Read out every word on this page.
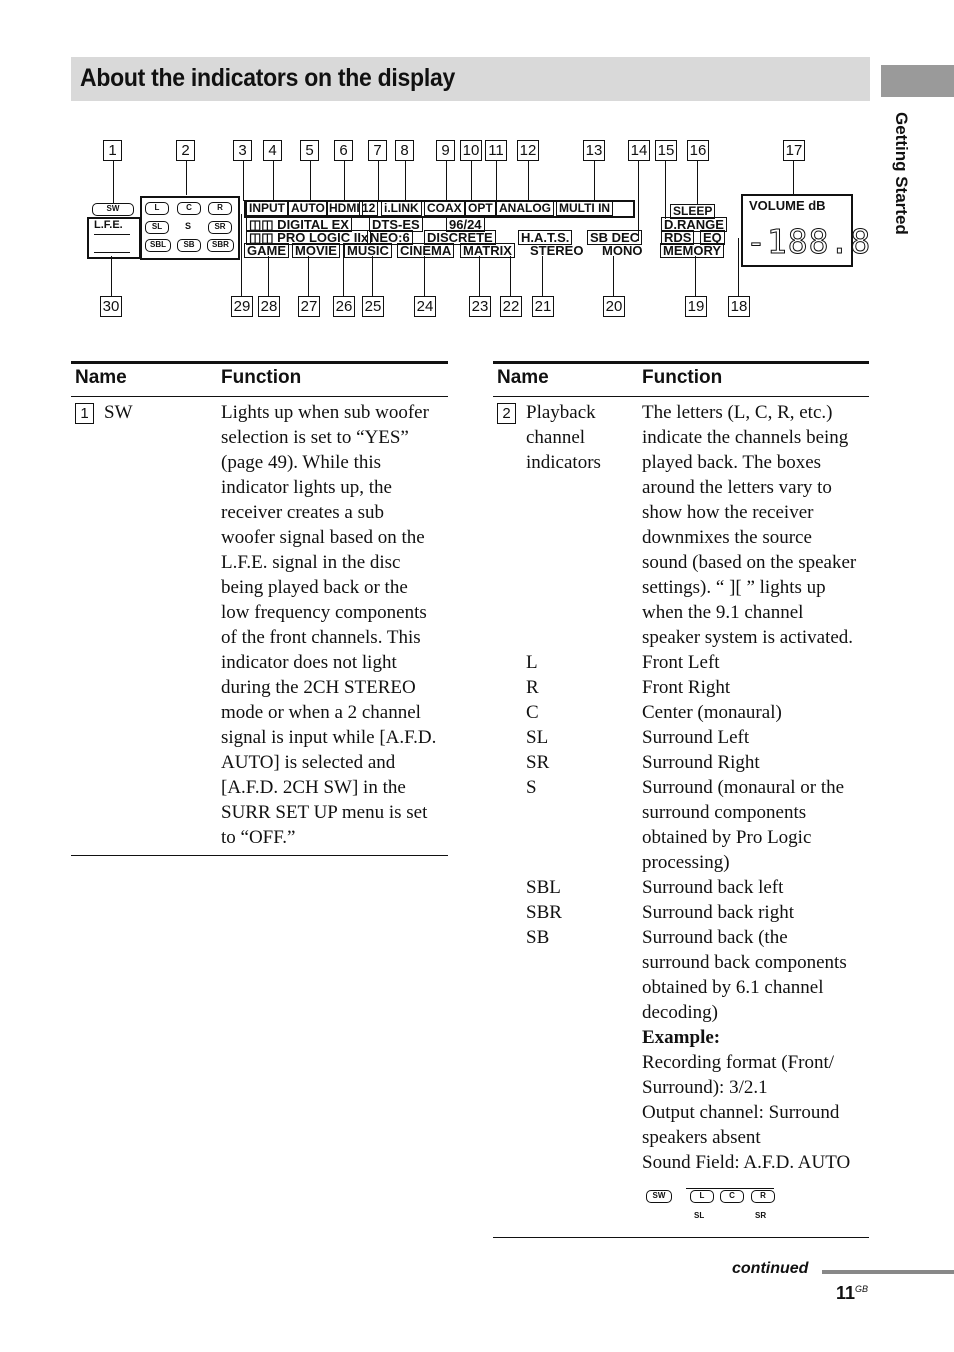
About the indicators on the display
Getting Started
1	2	3	4	5	6	7	8	9 10 11 12	13 14 15 16	17
30	29 28 27 26 25 24	23 22 21	20	19 18
SW
L.F.E.
L	C	R
SL	S	SR
SBL	SB	SBR
INPUT AUTO HDMI 12 i.LINK COAX OPT ANALOG MULTI IN
◫◫ DIGITAL EX DTS-ES 96/24
◫◫ PRO LOGIC IIx NEO:6 DISCRETE H.A.T.S. SB DEC RDS EQ
GAME MOVIE MUSIC CINEMA MATRIX STEREO MONO MEMORY
SLEEP
D.RANGE
VOLUME dB
-188.8
Name	Function
1 SW	Lights up when sub woofer
selection is set to “YES”
(page 49). While this
indicator lights up, the
receiver creates a sub
woofer signal based on the
L.F.E. signal in the disc
being played back or the
low frequency components
of the front channels. This
indicator does not light
during the 2CH STEREO
mode or when a 2 channel
signal is input while [A.F.D.
AUTO] is selected and
[A.F.D. 2CH SW] in the
SURR SET UP menu is set
to “OFF.”
Name	Function
2 Playback
channel
indicators
The letters (L, C, R, etc.)
indicate the channels being
played back. The boxes
around the letters vary to
show how the receiver
downmixes the source
sound (based on the speaker
settings). “ ][ ” lights up
when the 9.1 channel
speaker system is activated.
L	Front Left
R	Front Right
C	Center (monaural)
SL	Surround Left
SR	Surround Right
S	Surround (monaural or the
surround components
obtained by Pro Logic
processing)
SBL	Surround back left
SBR	Surround back right
SB	Surround back (the
surround back components
obtained by 6.1 channel
decoding)
Example:
Recording format (Front/
Surround): 3/2.1
Output channel: Surround
speakers absent
Sound Field: A.F.D. AUTO
SW	L	C	R
SL	SR
continued
$11^{GB}$
